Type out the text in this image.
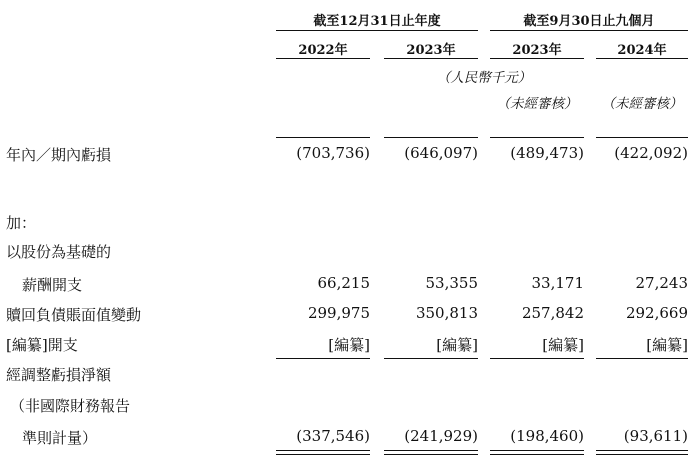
截至12月31日止年度	截至9月30日止九個月
2022年	2023年	2023年	2024年
（人民幣千元）
（未經審核）	（未經審核）
年內／期內虧損	(703,736)	(646,097)	(489,473)	(422,092)
加：
以股份為基礎的
薪酬開支	66,215	53,355	33,171	27,243
贖回負債賬面值變動	299,975	350,813	257,842	292,669
[編纂]開支	[編纂]	[編纂]	[編纂]	[編纂]
經調整虧損淨額
（非國際財務報告
準則計量）	(337,546)	(241,929)	(198,460)	(93,611)
